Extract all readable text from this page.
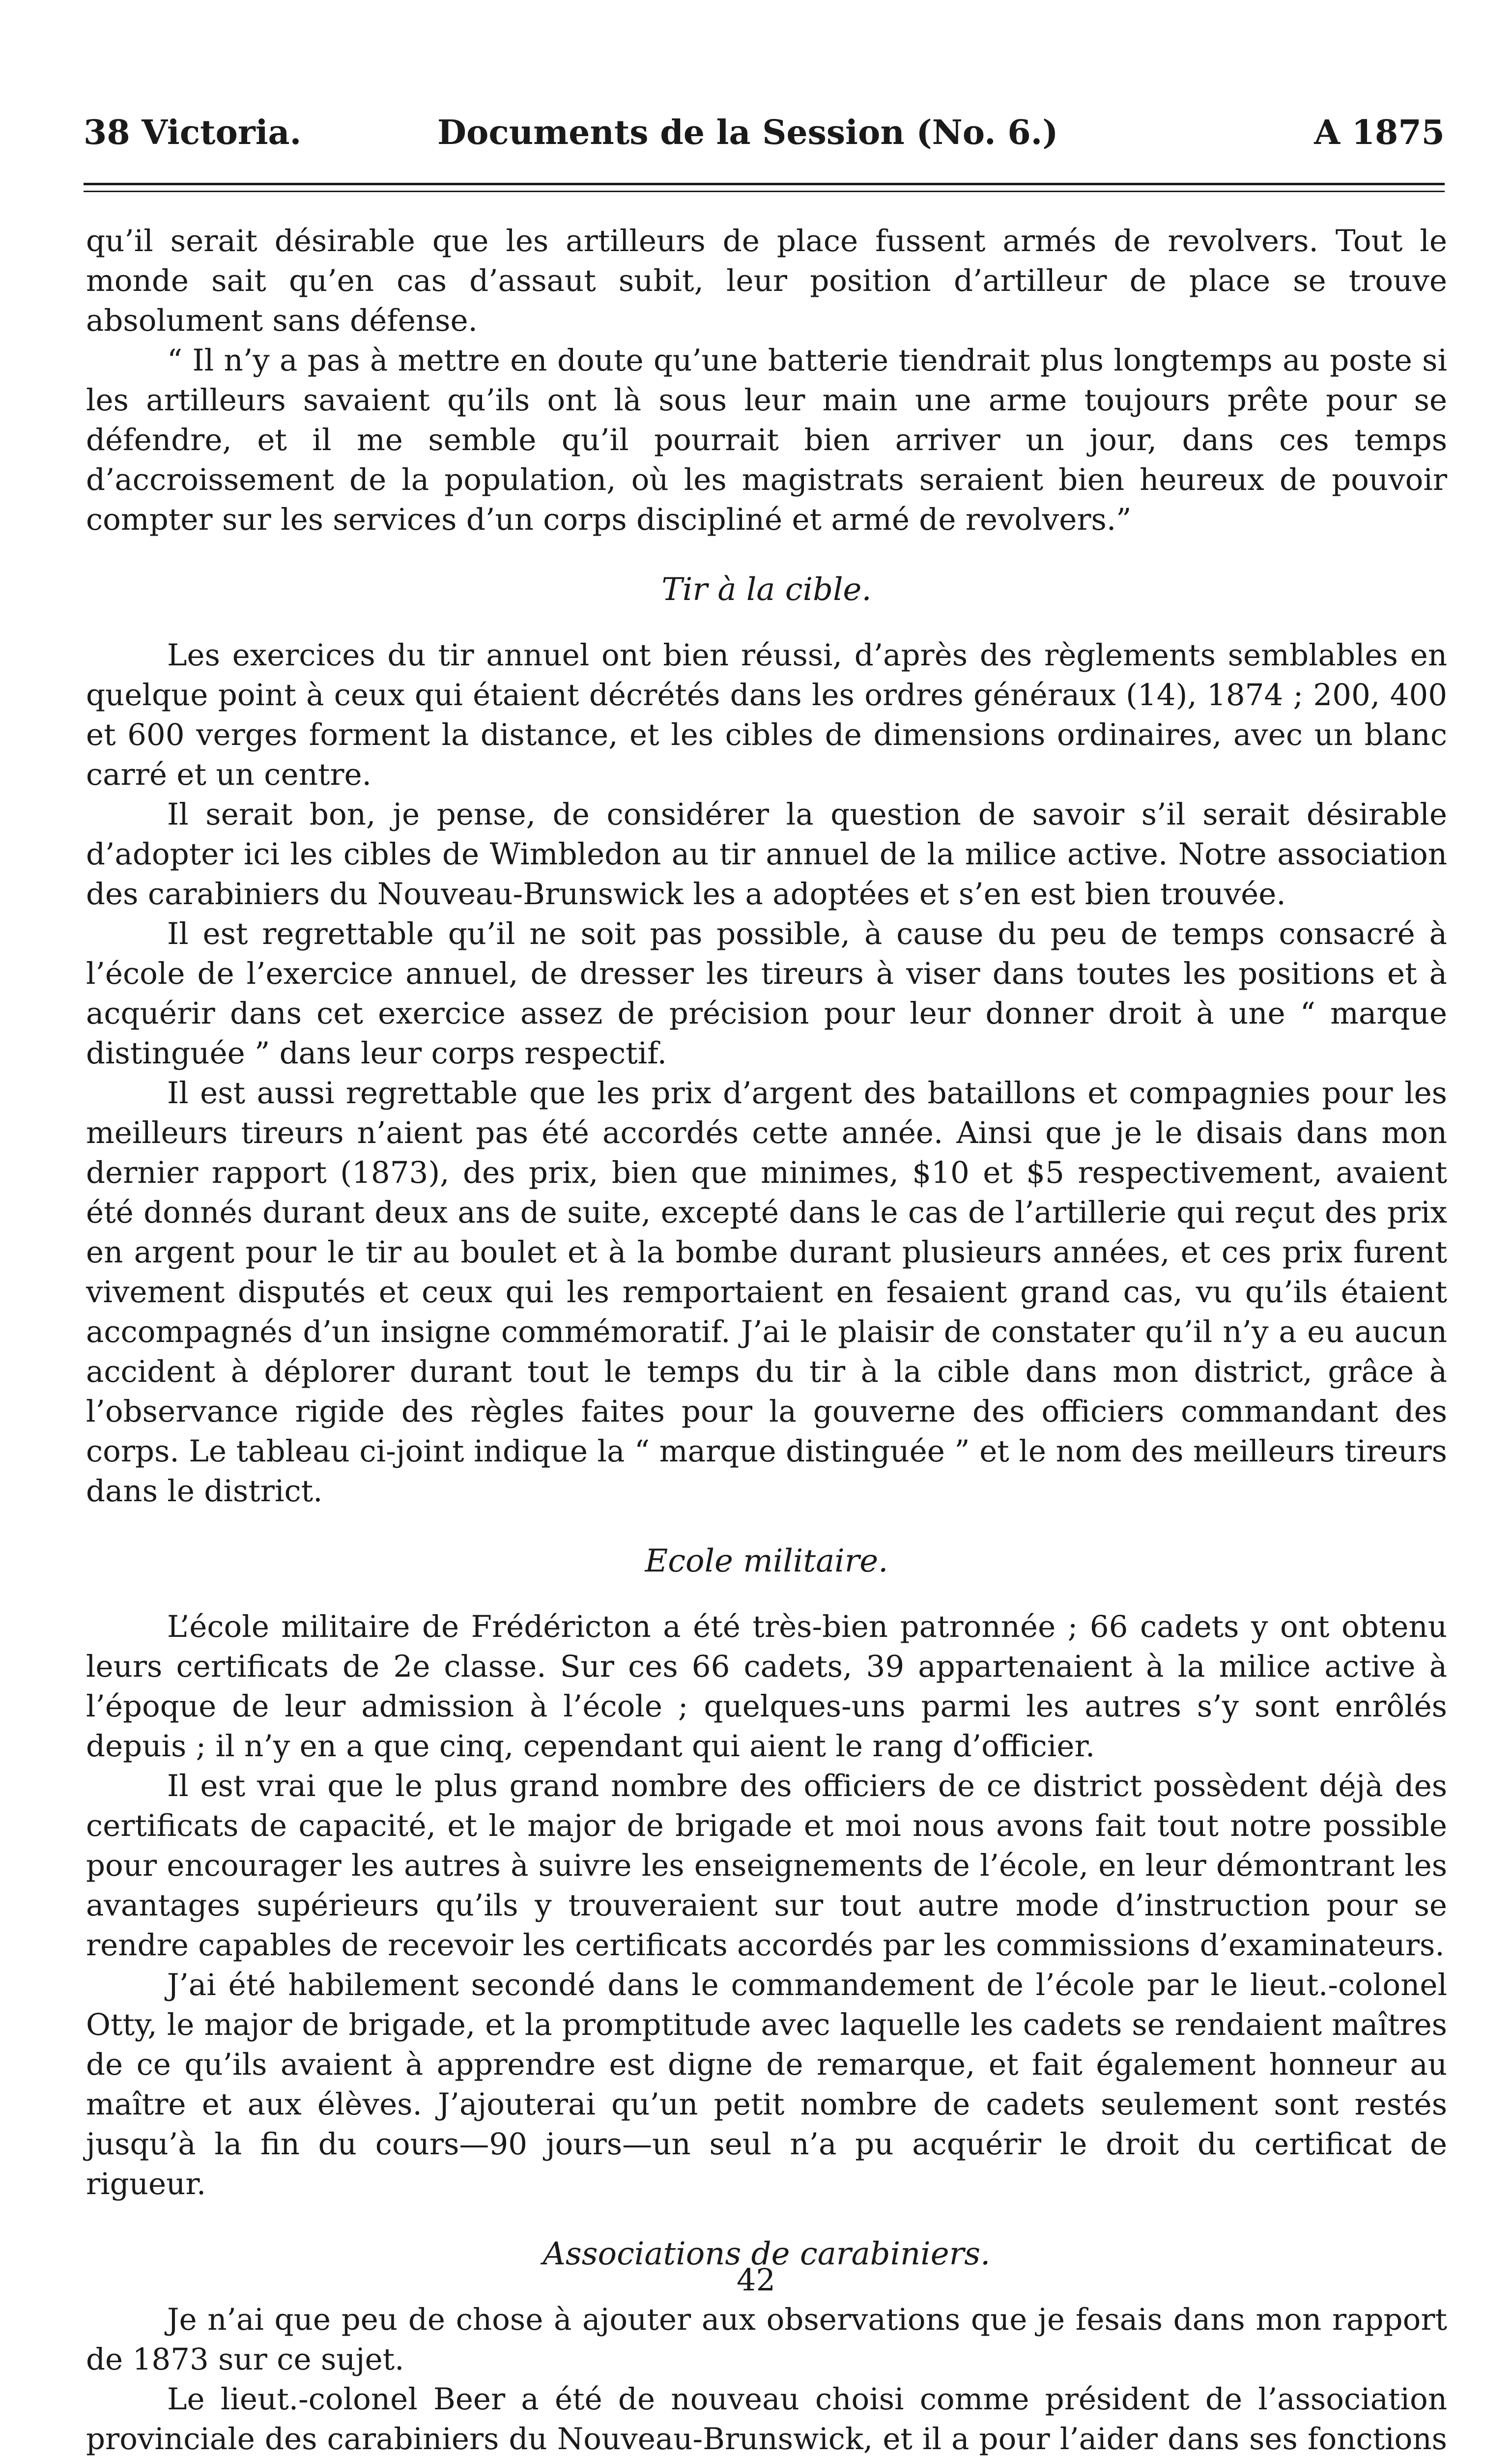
38 Victoria.	Documents de la Session (No. 6.)	A 1875

qu’il serait désirable que les artilleurs de place fussent armés de revolvers. Tout le monde sait qu’en cas d’assaut subit, leur position d’artilleur de place se trouve absolument sans défense.

“ Il n’y a pas à mettre en doute qu’une batterie tiendrait plus longtemps au poste si les artilleurs savaient qu’ils ont là sous leur main une arme toujours prête pour se défendre, et il me semble qu’il pourrait bien arriver un jour, dans ces temps d’accroissement de la population, où les magistrats seraient bien heureux de pouvoir compter sur les services d’un corps discipliné et armé de revolvers.”

Tir à la cible.

Les exercices du tir annuel ont bien réussi, d’après des règlements semblables en quelque point à ceux qui étaient décrétés dans les ordres généraux (14), 1874 ; 200, 400 et 600 verges forment la distance, et les cibles de dimensions ordinaires, avec un blanc carré et un centre.

Il serait bon, je pense, de considérer la question de savoir s’il serait désirable d’adopter ici les cibles de Wimbledon au tir annuel de la milice active. Notre association des carabiniers du Nouveau-Brunswick les a adoptées et s’en est bien trouvée.

Il est regrettable qu’il ne soit pas possible, à cause du peu de temps consacré à l’école de l’exercice annuel, de dresser les tireurs à viser dans toutes les positions et à acquérir dans cet exercice assez de précision pour leur donner droit à une “ marque distinguée ” dans leur corps respectif.

Il est aussi regrettable que les prix d’argent des bataillons et compagnies pour les meilleurs tireurs n’aient pas été accordés cette année. Ainsi que je le disais dans mon dernier rapport (1873), des prix, bien que minimes, $10 et $5 respectivement, avaient été donnés durant deux ans de suite, excepté dans le cas de l’artillerie qui reçut des prix en argent pour le tir au boulet et à la bombe durant plusieurs années, et ces prix furent vivement disputés et ceux qui les remportaient en fesaient grand cas, vu qu’ils étaient accompagnés d’un insigne commémoratif. J’ai le plaisir de constater qu’il n’y a eu aucun accident à déplorer durant tout le temps du tir à la cible dans mon district, grâce à l’observance rigide des règles faites pour la gouverne des officiers commandant des corps. Le tableau ci-joint indique la “ marque distinguée ” et le nom des meilleurs tireurs dans le district.

Ecole militaire.

L’école militaire de Frédéricton a été très-bien patronnée ; 66 cadets y ont obtenu leurs certificats de 2e classe. Sur ces 66 cadets, 39 appartenaient à la milice active à l’époque de leur admission à l’école ; quelques-uns parmi les autres s’y sont enrôlés depuis ; il n’y en a que cinq, cependant qui aient le rang d’officier.

Il est vrai que le plus grand nombre des officiers de ce district possèdent déjà des certificats de capacité, et le major de brigade et moi nous avons fait tout notre possible pour encourager les autres à suivre les enseignements de l’école, en leur démontrant les avantages supérieurs qu’ils y trouveraient sur tout autre mode d’instruction pour se rendre capables de recevoir les certificats accordés par les commissions d’examinateurs.

J’ai été habilement secondé dans le commandement de l’école par le lieut.-colonel Otty, le major de brigade, et la promptitude avec laquelle les cadets se rendaient maîtres de ce qu’ils avaient à apprendre est digne de remarque, et fait également honneur au maître et aux élèves. J’ajouterai qu’un petit nombre de cadets seulement sont restés jusqu’à la fin du cours—90 jours—un seul n’a pu acquérir le droit du certificat de rigueur.

Associations de carabiniers.

Je n’ai que peu de chose à ajouter aux observations que je fesais dans mon rapport de 1873 sur ce sujet.

Le lieut.-colonel Beer a été de nouveau choisi comme président de l’association provinciale des carabiniers du Nouveau-Brunswick, et il a pour l’aider dans ses fonctions

42
